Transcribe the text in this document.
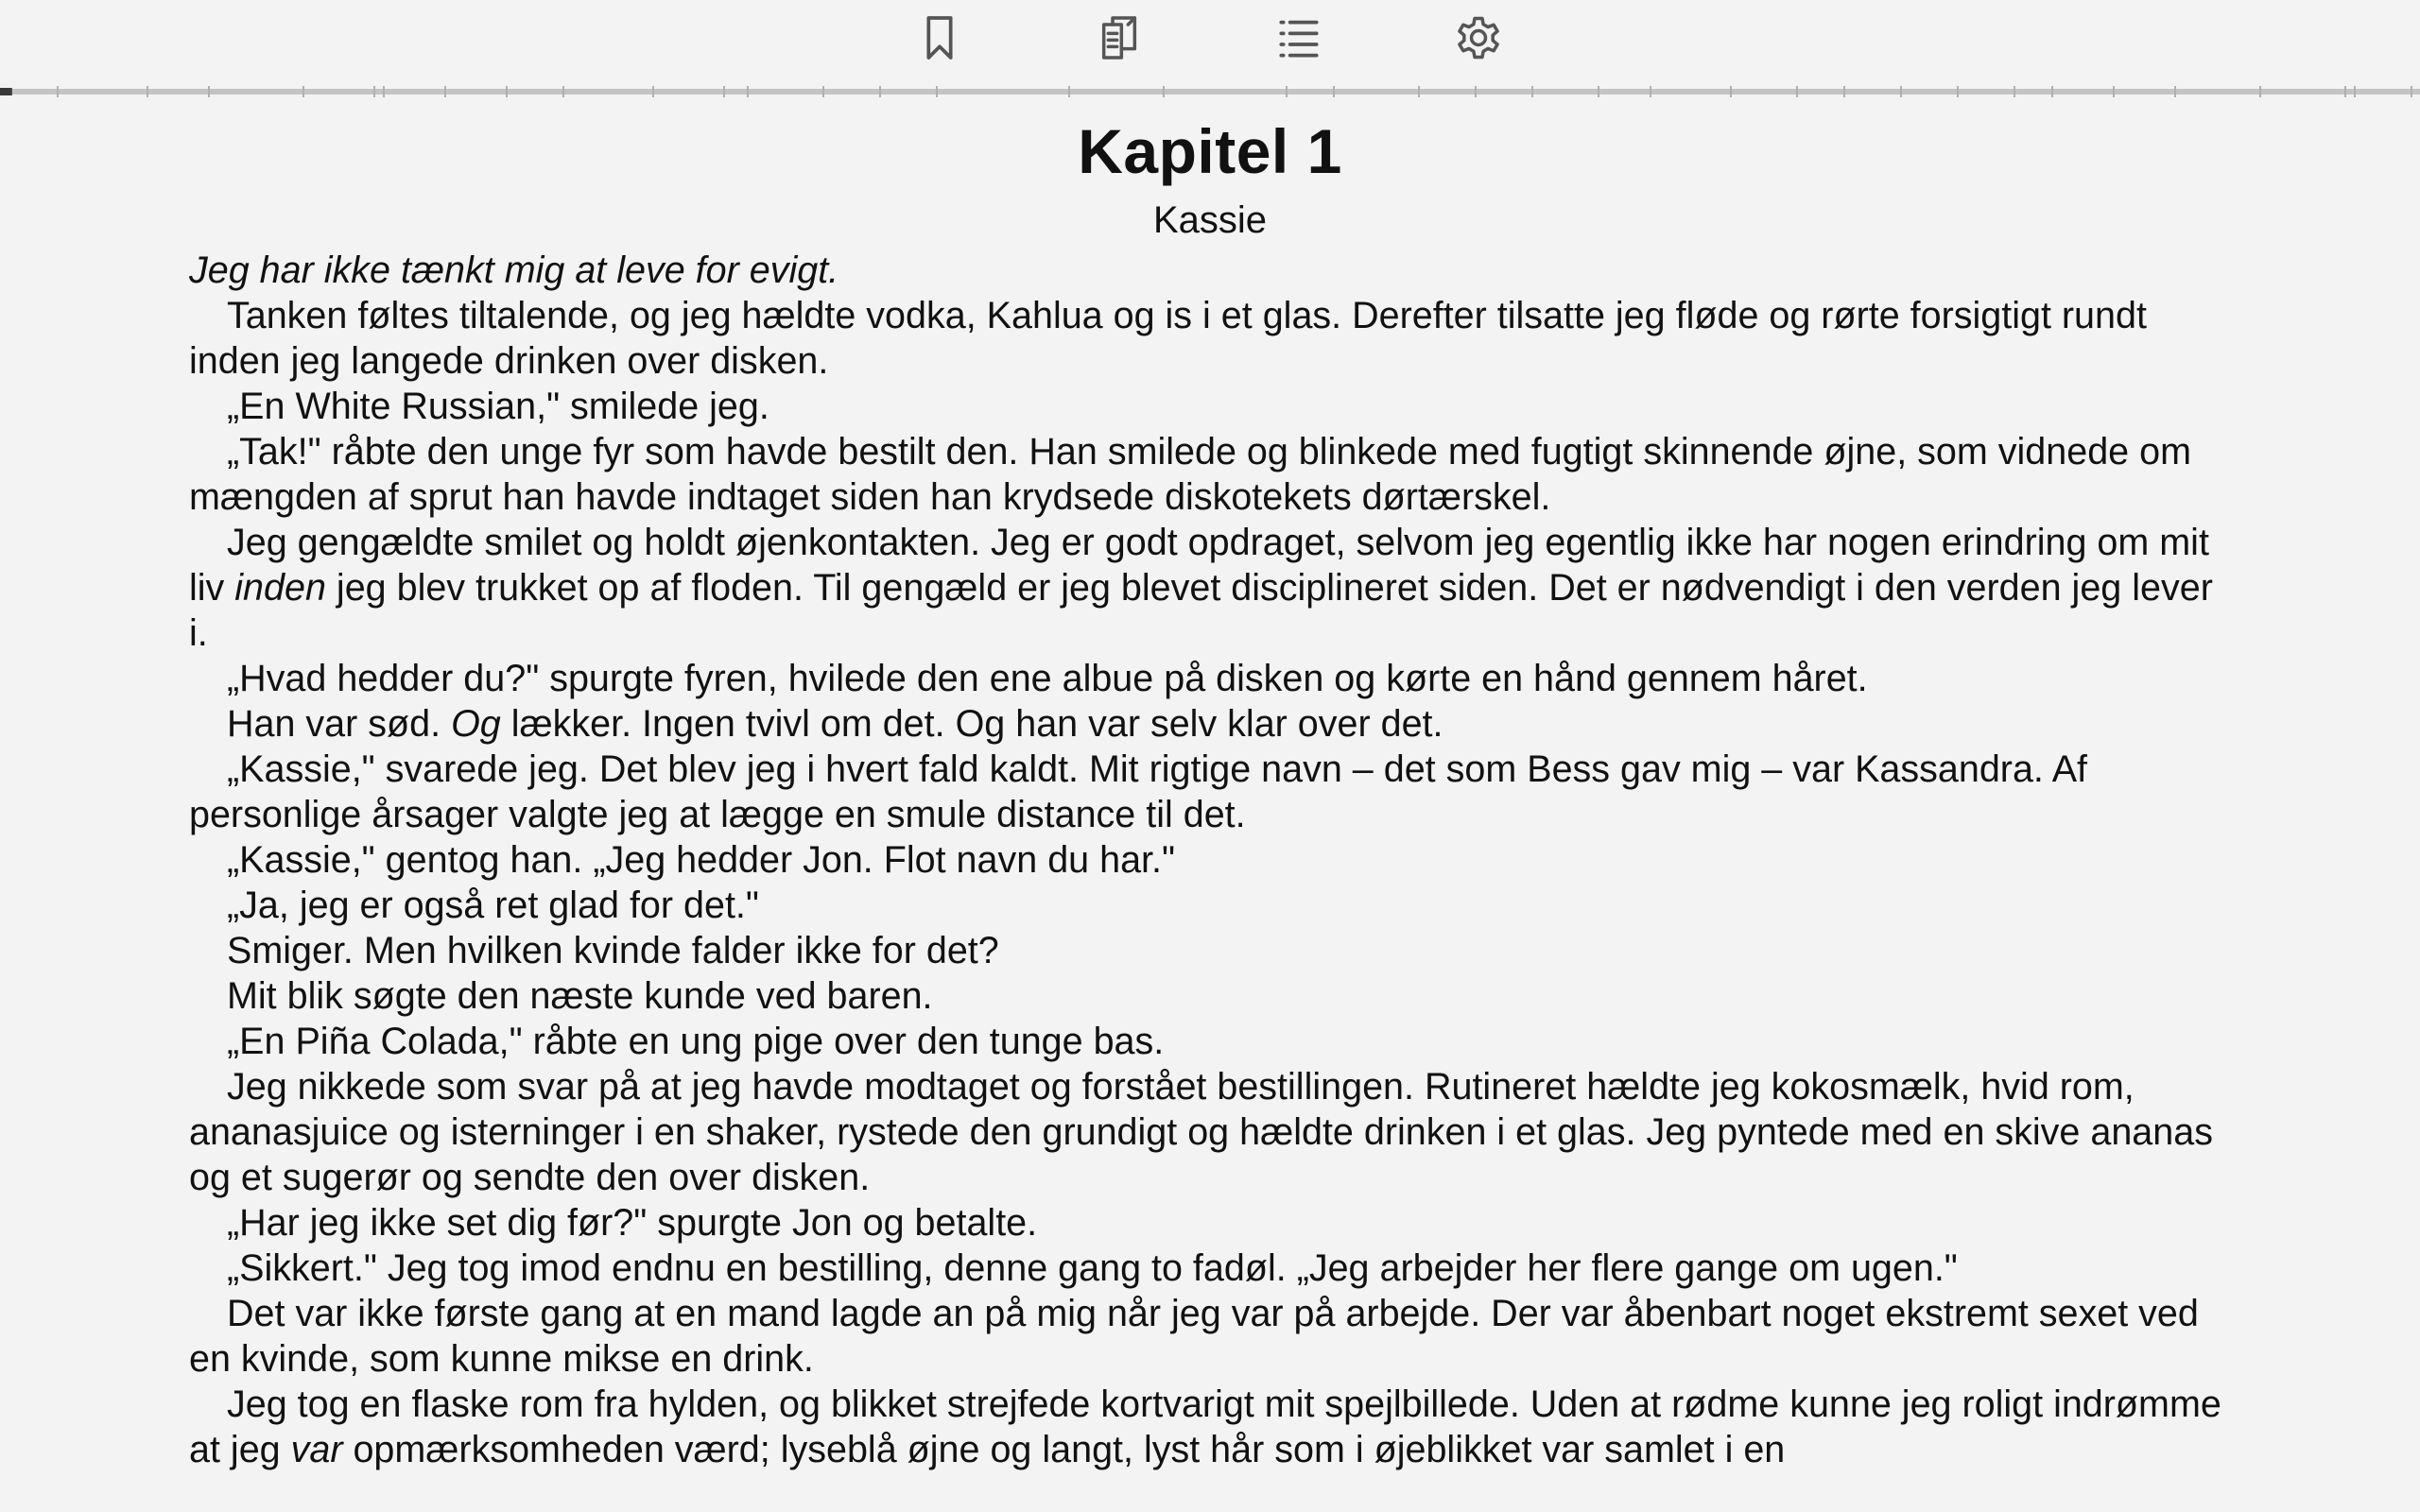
Kapitel 1
Kassie

Jeg har ikke tænkt mig at leve for evigt.

Tanken føltes tiltalende, og jeg hældte vodka, Kahlua og is i et glas. Derefter tilsatte jeg fløde og rørte forsigtigt rundt inden jeg langede drinken over disken.

„En White Russian," smilede jeg.

„Tak!" råbte den unge fyr som havde bestilt den. Han smilede og blinkede med fugtigt skinnende øjne, som vidnede om mængden af sprut han havde indtaget siden han krydsede diskotekets dørtærskel.

Jeg gengældte smilet og holdt øjenkontakten. Jeg er godt opdraget, selvom jeg egentlig ikke har nogen erindring om mit liv inden jeg blev trukket op af floden. Til gengæld er jeg blevet disciplineret siden. Det er nødvendigt i den verden jeg lever i.

„Hvad hedder du?" spurgte fyren, hvilede den ene albue på disken og kørte en hånd gennem håret.

Han var sød. Og lækker. Ingen tvivl om det. Og han var selv klar over det.

„Kassie," svarede jeg. Det blev jeg i hvert fald kaldt. Mit rigtige navn – det som Bess gav mig – var Kassandra. Af personlige årsager valgte jeg at lægge en smule distance til det.

„Kassie," gentog han. „Jeg hedder Jon. Flot navn du har."

„Ja, jeg er også ret glad for det."

Smiger. Men hvilken kvinde falder ikke for det?

Mit blik søgte den næste kunde ved baren.

„En Piña Colada," råbte en ung pige over den tunge bas.

Jeg nikkede som svar på at jeg havde modtaget og forstået bestillingen. Rutineret hældte jeg kokosmælk, hvid rom, ananasjuice og isterninger i en shaker, rystede den grundigt og hældte drinken i et glas. Jeg pyntede med en skive ananas og et sugerør og sendte den over disken.

„Har jeg ikke set dig før?" spurgte Jon og betalte.

„Sikkert." Jeg tog imod endnu en bestilling, denne gang to fadøl. „Jeg arbejder her flere gange om ugen."

Det var ikke første gang at en mand lagde an på mig når jeg var på arbejde. Der var åbenbart noget ekstremt sexet ved en kvinde, som kunne mikse en drink.

Jeg tog en flaske rom fra hylden, og blikket strejfede kortvarigt mit spejlbillede. Uden at rødme kunne jeg roligt indrømme at jeg var opmærksomheden værd; lyseblå øjne og langt, lyst hår som i øjeblikket var samlet i en
